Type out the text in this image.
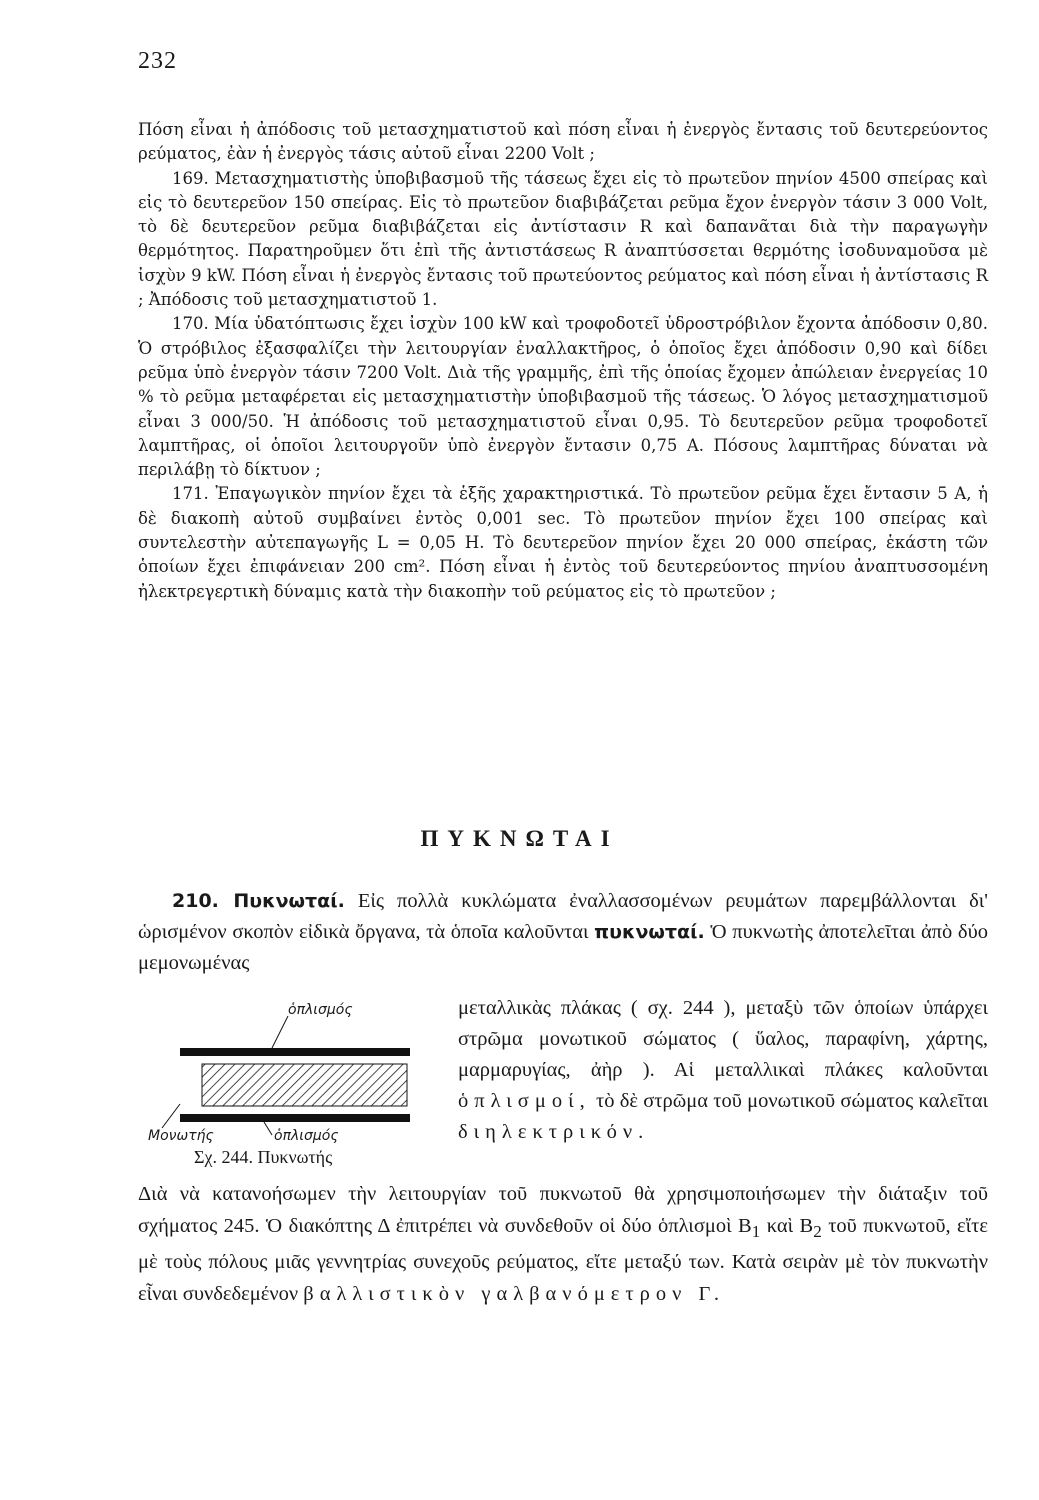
232

Πόση εἶναι ἡ ἀπόδοσις τοῦ μετασχηματιστοῦ καὶ πόση εἶναι ἡ ἐνεργὸς ἔντασις τοῦ δευτερεύοντος ρεύματος, ἐὰν ἡ ἐνεργὸς τάσις αὐτοῦ εἶναι 2200 Volt ;

169. Μετασχηματιστὴς ὑποβιβασμοῦ τῆς τάσεως ἔχει εἰς τὸ πρωτεῦον πηνίον 4500 σπείρας καὶ εἰς τὸ δευτερεῦον 150 σπείρας. Εἰς τὸ πρωτεῦον διαβιβάζεται ρεῦμα ἔχον ἐνεργὸν τάσιν 3 000 Volt, τὸ δὲ δευτερεῦον ρεῦμα διαβιβάζεται εἰς ἀντίστασιν R καὶ δαπανᾶται διὰ τὴν παραγωγὴν θερμότητος. Παρατηροῦμεν ὅτι ἐπὶ τῆς ἀντιστάσεως R ἀναπτύσσεται θερμότης ἰσοδυναμοῦσα μὲ ἰσχὺν 9 kW. Πόση εἶναι ἡ ἐνεργὸς ἔντασις τοῦ πρωτεύοντος ρεύματος καὶ πόση εἶναι ἡ ἀντίστασις R ; Ἀπόδοσις τοῦ μετασχηματιστοῦ 1.

170. Μία ὑδατόπτωσις ἔχει ἰσχὺν 100 kW καὶ τροφοδοτεῖ ὑδροστρόβιλον ἔχοντα ἀπόδοσιν 0,80. Ὁ στρόβιλος ἐξασφαλίζει τὴν λειτουργίαν ἐναλλακτῆρος, ὁ ὁποῖος ἔχει ἀπόδοσιν 0,90 καὶ δίδει ρεῦμα ὑπὸ ἐνεργὸν τάσιν 7200 Volt. Διὰ τῆς γραμμῆς, ἐπὶ τῆς ὁποίας ἔχομεν ἀπώλειαν ἐνεργείας 10 % τὸ ρεῦμα μεταφέρεται εἰς μετασχηματιστὴν ὑποβιβασμοῦ τῆς τάσεως. Ὁ λόγος μετασχηματισμοῦ εἶναι 3 000/50. Ἡ ἀπόδοσις τοῦ μετασχηματιστοῦ εἶναι 0,95. Τὸ δευτερεῦον ρεῦμα τροφοδοτεῖ λαμπτῆρας, οἱ ὁποῖοι λειτουργοῦν ὑπὸ ἐνεργὸν ἔντασιν 0,75 A. Πόσους λαμπτῆρας δύναται νὰ περιλάβῃ τὸ δίκτυον ;

171. Ἐπαγωγικὸν πηνίον ἔχει τὰ ἑξῆς χαρακτηριστικά. Τὸ πρωτεῦον ρεῦμα ἔχει ἔντασιν 5 A, ἡ δὲ διακοπὴ αὐτοῦ συμβαίνει ἐντὸς 0,001 sec. Τὸ πρωτεῦον πηνίον ἔχει 100 σπείρας καὶ συντελεστὴν αὐτεπαγωγῆς L = 0,05 H. Τὸ δευτερεῦον πηνίον ἔχει 20 000 σπείρας, ἑκάστη τῶν ὁποίων ἔχει ἐπιφάνειαν 200 cm². Πόση εἶναι ἡ ἐντὸς τοῦ δευτερεύοντος πηνίου ἀναπτυσσομένη ἠλεκτρεγερτικὴ δύναμις κατὰ τὴν διακοπὴν τοῦ ρεύματος εἰς τὸ πρωτεῦον ;

ΠΥΚΝΩΤΑΙ

210. Πυκνωταί. Εἰς πολλὰ κυκλώματα ἐναλλασσομένων ρευμάτων παρεμβάλλονται δι' ὡρισμένον σκοπὸν εἰδικὰ ὄργανα, τὰ ὁποῖα καλοῦνται πυκνωταί. Ὁ πυκνωτὴς ἀποτελεῖται ἀπὸ δύο μεμονωμένας

ὁπλισμός
Μονωτής	ὁπλισμός
Σχ. 244. Πυκνωτής

μεταλλικὰς πλάκας ( σχ. 244 ), μεταξὺ τῶν ὁποίων ὑπάρχει στρῶμα μονωτικοῦ σώματος ( ὕαλος, παραφίνη, χάρτης, μαρμαρυγίας, ἀὴρ ). Αἱ μεταλλικαὶ πλάκες καλοῦνται ὁπλισμοί, τὸ δὲ στρῶμα τοῦ μονωτικοῦ σώματος καλεῖται διηλεκτρικόν.

Διὰ νὰ κατανοήσωμεν τὴν λειτουργίαν τοῦ πυκνωτοῦ θὰ χρησιμοποιήσωμεν τὴν διάταξιν τοῦ σχήματος 245. Ὁ διακόπτης Δ ἐπιτρέπει νὰ συνδεθοῦν οἱ δύο ὁπλισμοὶ $B_1$ καὶ $B_2$ τοῦ πυκνωτοῦ, εἴτε μὲ τοὺς πόλους μιᾶς γεννητρίας συνεχοῦς ρεύματος, εἴτε μεταξύ των. Κατὰ σειρὰν μὲ τὸν πυκνωτὴν εἶναι συνδεδεμένον βαλλιστικὸν γαλβανόμετρον Γ.
